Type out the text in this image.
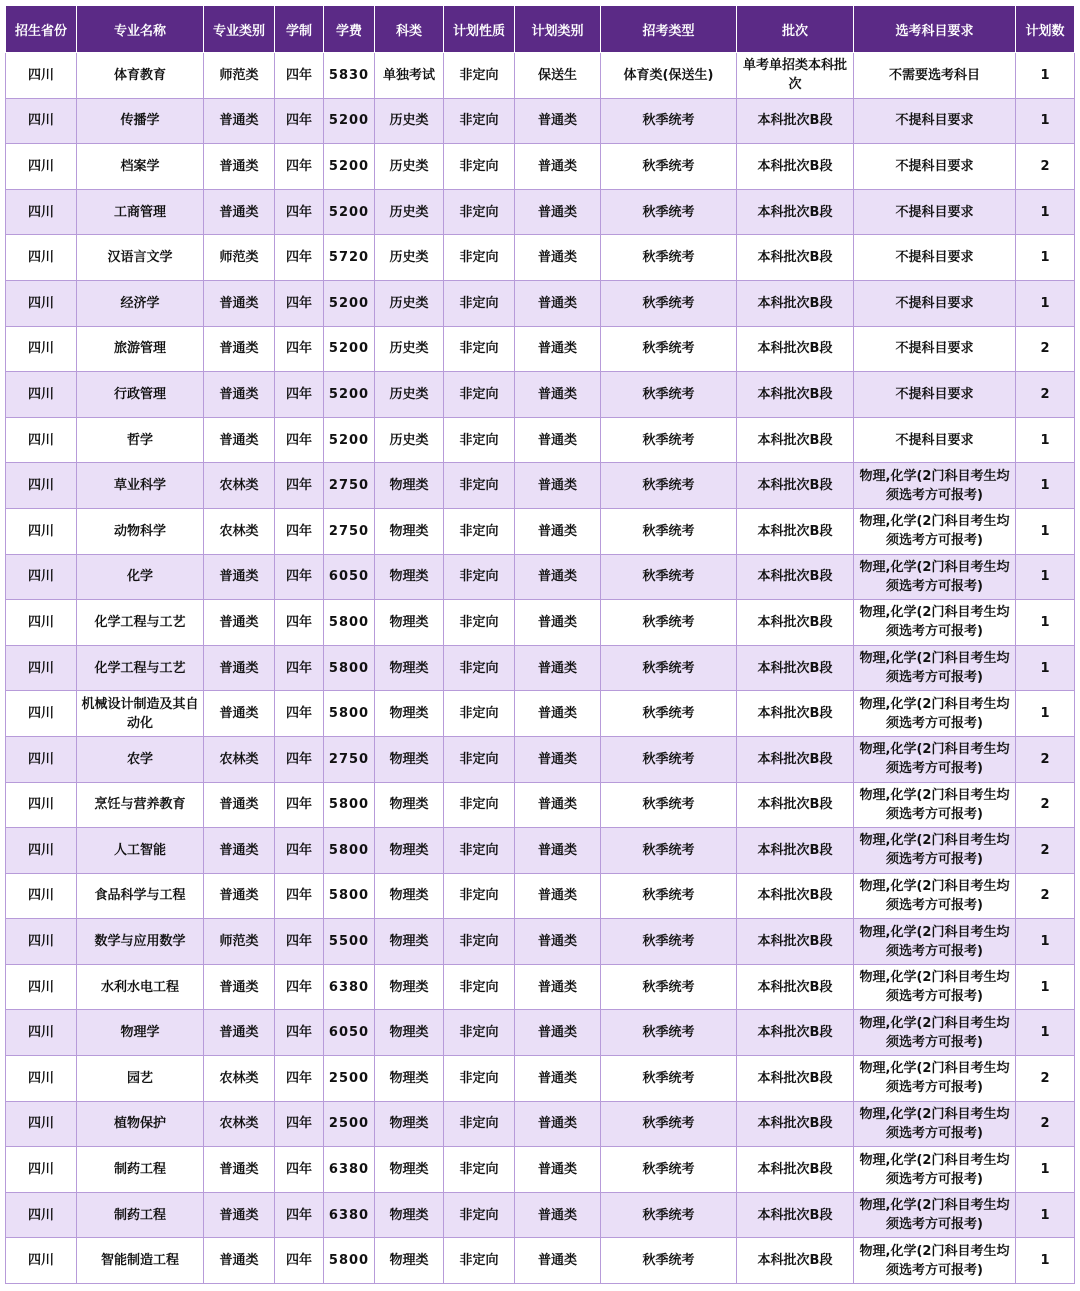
招生省份	专业名称	专业类别	学制	学费	科类	计划性质	计划类别	招考类型	批次	选考科目要求	计划数
四川	体育教育	师范类	四年	5830	单独考试	非定向	保送生	体育类(保送生)	单考单招类本科批次	不需要选考科目	1
四川	传播学	普通类	四年	5200	历史类	非定向	普通类	秋季统考	本科批次B段	不提科目要求	1
四川	档案学	普通类	四年	5200	历史类	非定向	普通类	秋季统考	本科批次B段	不提科目要求	2
四川	工商管理	普通类	四年	5200	历史类	非定向	普通类	秋季统考	本科批次B段	不提科目要求	1
四川	汉语言文学	师范类	四年	5720	历史类	非定向	普通类	秋季统考	本科批次B段	不提科目要求	1
四川	经济学	普通类	四年	5200	历史类	非定向	普通类	秋季统考	本科批次B段	不提科目要求	1
四川	旅游管理	普通类	四年	5200	历史类	非定向	普通类	秋季统考	本科批次B段	不提科目要求	2
四川	行政管理	普通类	四年	5200	历史类	非定向	普通类	秋季统考	本科批次B段	不提科目要求	2
四川	哲学	普通类	四年	5200	历史类	非定向	普通类	秋季统考	本科批次B段	不提科目要求	1
四川	草业科学	农林类	四年	2750	物理类	非定向	普通类	秋季统考	本科批次B段	物理,化学(2门科目考生均须选考方可报考)	1
四川	动物科学	农林类	四年	2750	物理类	非定向	普通类	秋季统考	本科批次B段	物理,化学(2门科目考生均须选考方可报考)	1
四川	化学	普通类	四年	6050	物理类	非定向	普通类	秋季统考	本科批次B段	物理,化学(2门科目考生均须选考方可报考)	1
四川	化学工程与工艺	普通类	四年	5800	物理类	非定向	普通类	秋季统考	本科批次B段	物理,化学(2门科目考生均须选考方可报考)	1
四川	化学工程与工艺	普通类	四年	5800	物理类	非定向	普通类	秋季统考	本科批次B段	物理,化学(2门科目考生均须选考方可报考)	1
四川	机械设计制造及其自动化	普通类	四年	5800	物理类	非定向	普通类	秋季统考	本科批次B段	物理,化学(2门科目考生均须选考方可报考)	1
四川	农学	农林类	四年	2750	物理类	非定向	普通类	秋季统考	本科批次B段	物理,化学(2门科目考生均须选考方可报考)	2
四川	烹饪与营养教育	普通类	四年	5800	物理类	非定向	普通类	秋季统考	本科批次B段	物理,化学(2门科目考生均须选考方可报考)	2
四川	人工智能	普通类	四年	5800	物理类	非定向	普通类	秋季统考	本科批次B段	物理,化学(2门科目考生均须选考方可报考)	2
四川	食品科学与工程	普通类	四年	5800	物理类	非定向	普通类	秋季统考	本科批次B段	物理,化学(2门科目考生均须选考方可报考)	2
四川	数学与应用数学	师范类	四年	5500	物理类	非定向	普通类	秋季统考	本科批次B段	物理,化学(2门科目考生均须选考方可报考)	1
四川	水利水电工程	普通类	四年	6380	物理类	非定向	普通类	秋季统考	本科批次B段	物理,化学(2门科目考生均须选考方可报考)	1
四川	物理学	普通类	四年	6050	物理类	非定向	普通类	秋季统考	本科批次B段	物理,化学(2门科目考生均须选考方可报考)	1
四川	园艺	农林类	四年	2500	物理类	非定向	普通类	秋季统考	本科批次B段	物理,化学(2门科目考生均须选考方可报考)	2
四川	植物保护	农林类	四年	2500	物理类	非定向	普通类	秋季统考	本科批次B段	物理,化学(2门科目考生均须选考方可报考)	2
四川	制药工程	普通类	四年	6380	物理类	非定向	普通类	秋季统考	本科批次B段	物理,化学(2门科目考生均须选考方可报考)	1
四川	制药工程	普通类	四年	6380	物理类	非定向	普通类	秋季统考	本科批次B段	物理,化学(2门科目考生均须选考方可报考)	1
四川	智能制造工程	普通类	四年	5800	物理类	非定向	普通类	秋季统考	本科批次B段	物理,化学(2门科目考生均须选考方可报考)	1
